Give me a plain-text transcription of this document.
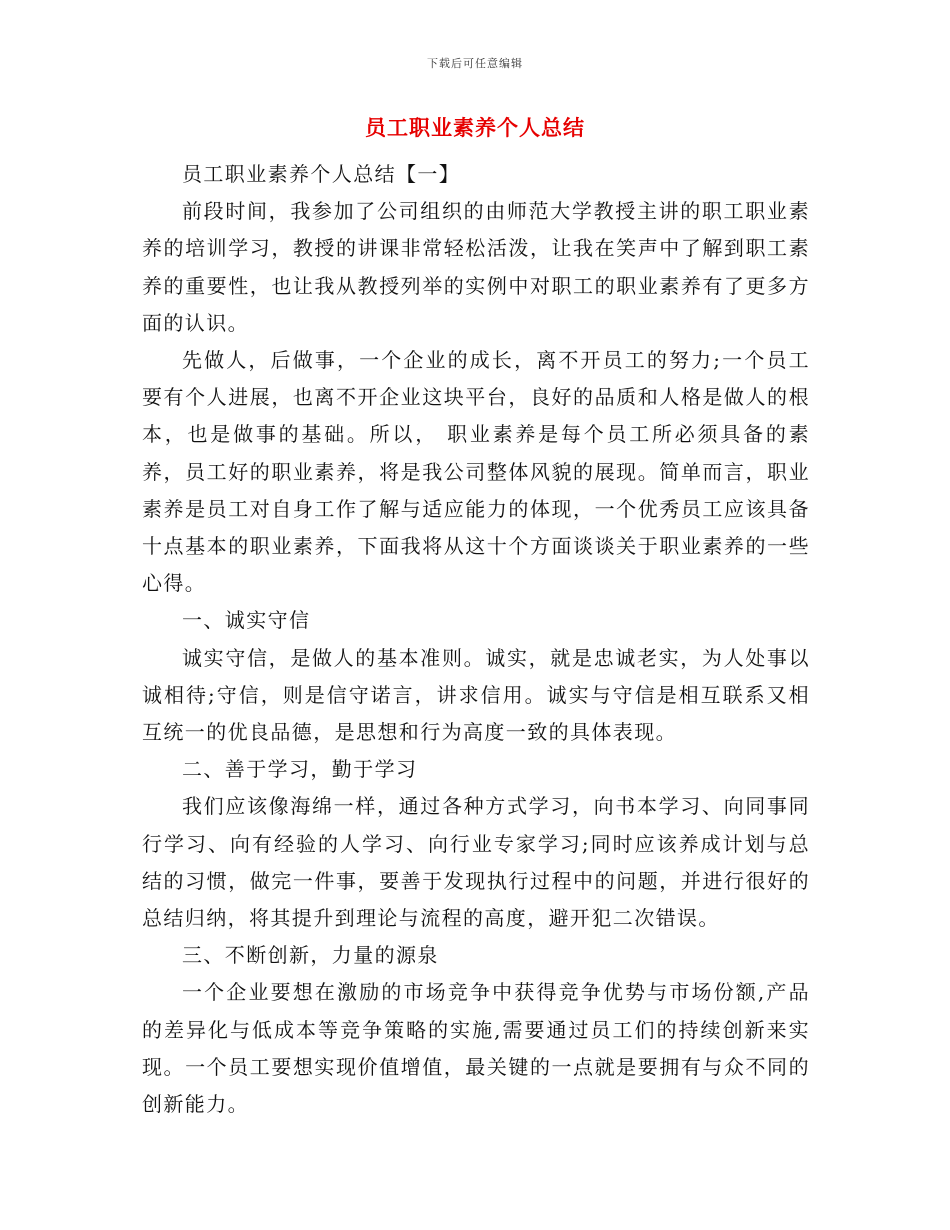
下载后可任意编辑
员工职业素养个人总结

员工职业素养个人总结【一】

前段时间，我参加了公司组织的由师范大学教授主讲的职工职业素养的培训学习，教授的讲课非常轻松活泼，让我在笑声中了解到职工素养的重要性，也让我从教授列举的实例中对职工的职业素养有了更多方面的认识。

先做人，后做事，一个企业的成长，离不开员工的努力;一个员工要有个人进展，也离不开企业这块平台，良好的品质和人格是做人的根本，也是做事的基础。所以， 职业素养是每个员工所必须具备的素养，员工好的职业素养，将是我公司整体风貌的展现。简单而言，职业素养是员工对自身工作了解与适应能力的体现，一个优秀员工应该具备十点基本的职业素养，下面我将从这十个方面谈谈关于职业素养的一些心得。

一、诚实守信

诚实守信，是做人的基本准则。诚实，就是忠诚老实，为人处事以诚相待;守信，则是信守诺言，讲求信用。诚实与守信是相互联系又相互统一的优良品德，是思想和行为高度一致的具体表现。

二、善于学习，勤于学习

我们应该像海绵一样，通过各种方式学习，向书本学习、向同事同行学习、向有经验的人学习、向行业专家学习;同时应该养成计划与总结的习惯，做完一件事，要善于发现执行过程中的问题，并进行很好的总结归纳，将其提升到理论与流程的高度，避开犯二次错误。

三、不断创新，力量的源泉

一个企业要想在激励的市场竞争中获得竞争优势与市场份额,产品的差异化与低成本等竞争策略的实施,需要通过员工们的持续创新来实现。一个员工要想实现价值增值，最关键的一点就是要拥有与众不同的创新能力。
